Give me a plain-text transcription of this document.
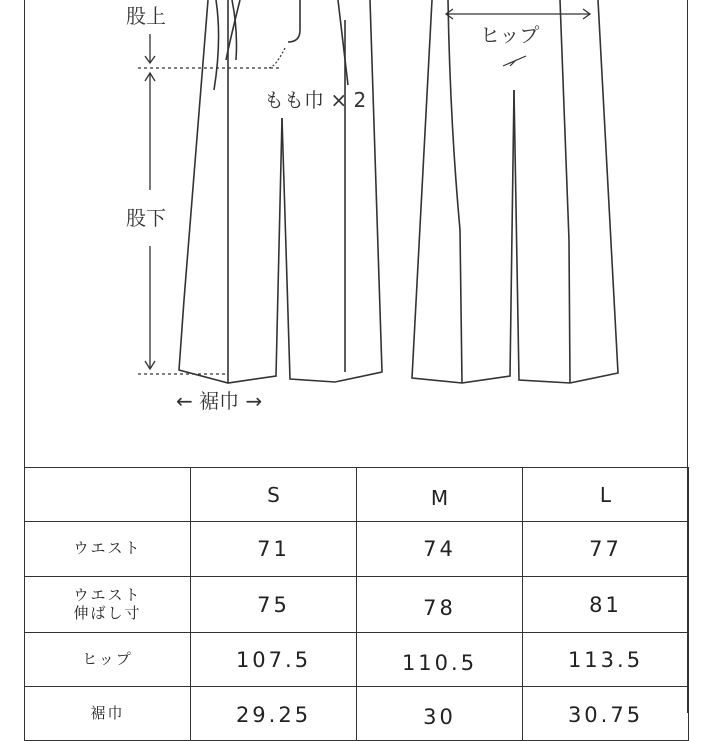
股上
もも巾 × 2
股下
← 裾巾 →
ヒップ
	S	M	L
ウエスト	71	74	77

ウエスト
伸ばし寸	75	78	81
ヒップ	107.5	110.5	113.5
裾巾	29.25	30	30.75
